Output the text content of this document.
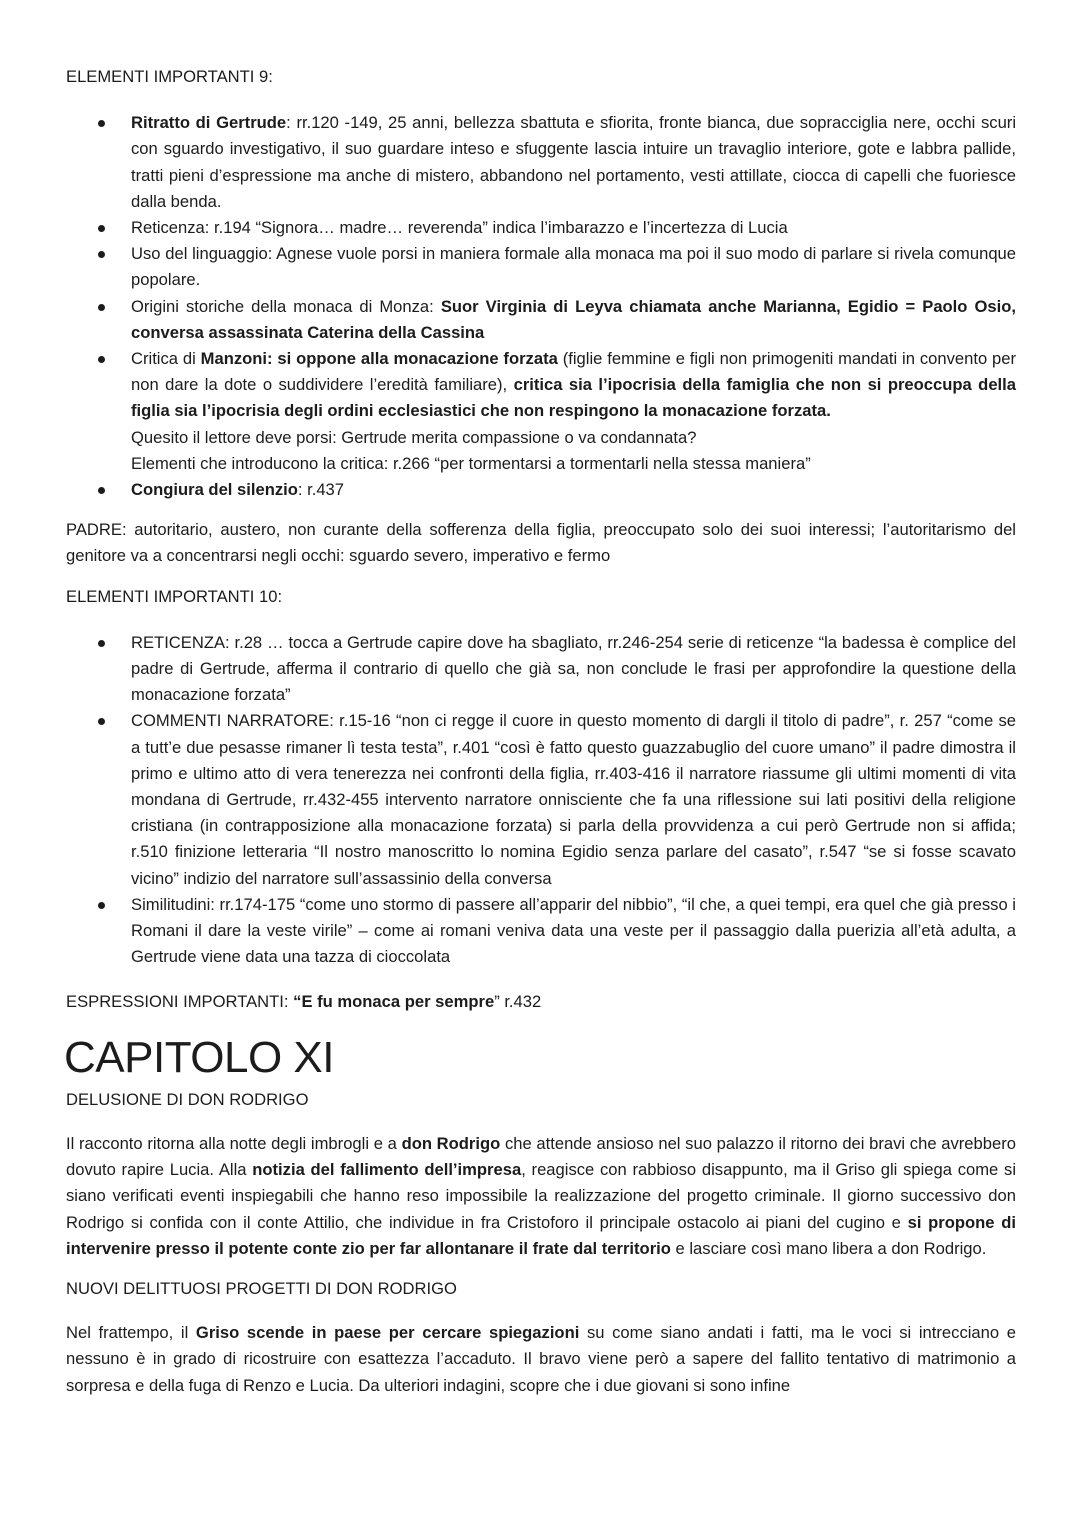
ELEMENTI IMPORTANTI 9:

Ritratto di Gertrude: rr.120 -149, 25 anni, bellezza sbattuta e sfiorita, fronte bianca, due sopracciglia nere, occhi scuri con sguardo investigativo, il suo guardare inteso e sfuggente lascia intuire un travaglio interiore, gote e labbra pallide, tratti pieni d’espressione ma anche di mistero, abbandono nel portamento, vesti attillate, ciocca di capelli che fuoriesce dalla benda.
Reticenza: r.194 “Signora… madre… reverenda” indica l’imbarazzo e l’incertezza di Lucia
Uso del linguaggio: Agnese vuole porsi in maniera formale alla monaca ma poi il suo modo di parlare si rivela comunque popolare.
Origini storiche della monaca di Monza: Suor Virginia di Leyva chiamata anche Marianna, Egidio = Paolo Osio, conversa assassinata Caterina della Cassina
Critica di Manzoni: si oppone alla monacazione forzata (figlie femmine e figli non primogeniti mandati in convento per non dare la dote o suddividere l’eredità familiare), critica sia l’ipocrisia della famiglia che non si preoccupa della figlia sia l’ipocrisia degli ordini ecclesiastici che non respingono la monacazione forzata.
Quesito il lettore deve porsi: Gertrude merita compassione o va condannata?
Elementi che introducono la critica: r.266 “per tormentarsi a tormentarli nella stessa maniera”
Congiura del silenzio: r.437

PADRE: autoritario, austero, non curante della sofferenza della figlia, preoccupato solo dei suoi interessi; l’autoritarismo del genitore va a concentrarsi negli occhi: sguardo severo, imperativo e fermo

ELEMENTI IMPORTANTI 10:

RETICENZA: r.28 … tocca a Gertrude capire dove ha sbagliato, rr.246-254 serie di reticenze “la badessa è complice del padre di Gertrude, afferma il contrario di quello che già sa, non conclude le frasi per approfondire la questione della monacazione forzata”
COMMENTI NARRATORE: r.15-16 “non ci regge il cuore in questo momento di dargli il titolo di padre”, r. 257 “come se a tutt’e due pesasse rimaner lì testa testa”, r.401 “così è fatto questo guazzabuglio del cuore umano” il padre dimostra il primo e ultimo atto di vera tenerezza nei confronti della figlia, rr.403-416 il narratore riassume gli ultimi momenti di vita mondana di Gertrude, rr.432-455 intervento narratore onnisciente che fa una riflessione sui lati positivi della religione cristiana (in contrapposizione alla monacazione forzata) si parla della provvidenza a cui però Gertrude non si affida; r.510 finizione letteraria “Il nostro manoscritto lo nomina Egidio senza parlare del casato”, r.547 “se si fosse scavato vicino” indizio del narratore sull’assassinio della conversa
Similitudini: rr.174-175 “come uno stormo di passere all’apparir del nibbio”, “il che, a quei tempi, era quel che già presso i Romani il dare la veste virile” – come ai romani veniva data una veste per il passaggio dalla puerizia all’età adulta, a Gertrude viene data una tazza di cioccolata

ESPRESSIONI IMPORTANTI: “E fu monaca per sempre” r.432

CAPITOLO XI

DELUSIONE DI DON RODRIGO

Il racconto ritorna alla notte degli imbrogli e a don Rodrigo che attende ansioso nel suo palazzo il ritorno dei bravi che avrebbero dovuto rapire Lucia. Alla notizia del fallimento dell’impresa, reagisce con rabbioso disappunto, ma il Griso gli spiega come si siano verificati eventi inspiegabili che hanno reso impossibile la realizzazione del progetto criminale. Il giorno successivo don Rodrigo si confida con il conte Attilio, che individue in fra Cristoforo il principale ostacolo ai piani del cugino e si propone di intervenire presso il potente conte zio per far allontanare il frate dal territorio e lasciare così mano libera a don Rodrigo.

NUOVI DELITTUOSI PROGETTI DI DON RODRIGO

Nel frattempo, il Griso scende in paese per cercare spiegazioni su come siano andati i fatti, ma le voci si intrecciano e nessuno è in grado di ricostruire con esattezza l’accaduto. Il bravo viene però a sapere del fallito tentativo di matrimonio a sorpresa e della fuga di Renzo e Lucia. Da ulteriori indagini, scopre che i due giovani si sono infine
